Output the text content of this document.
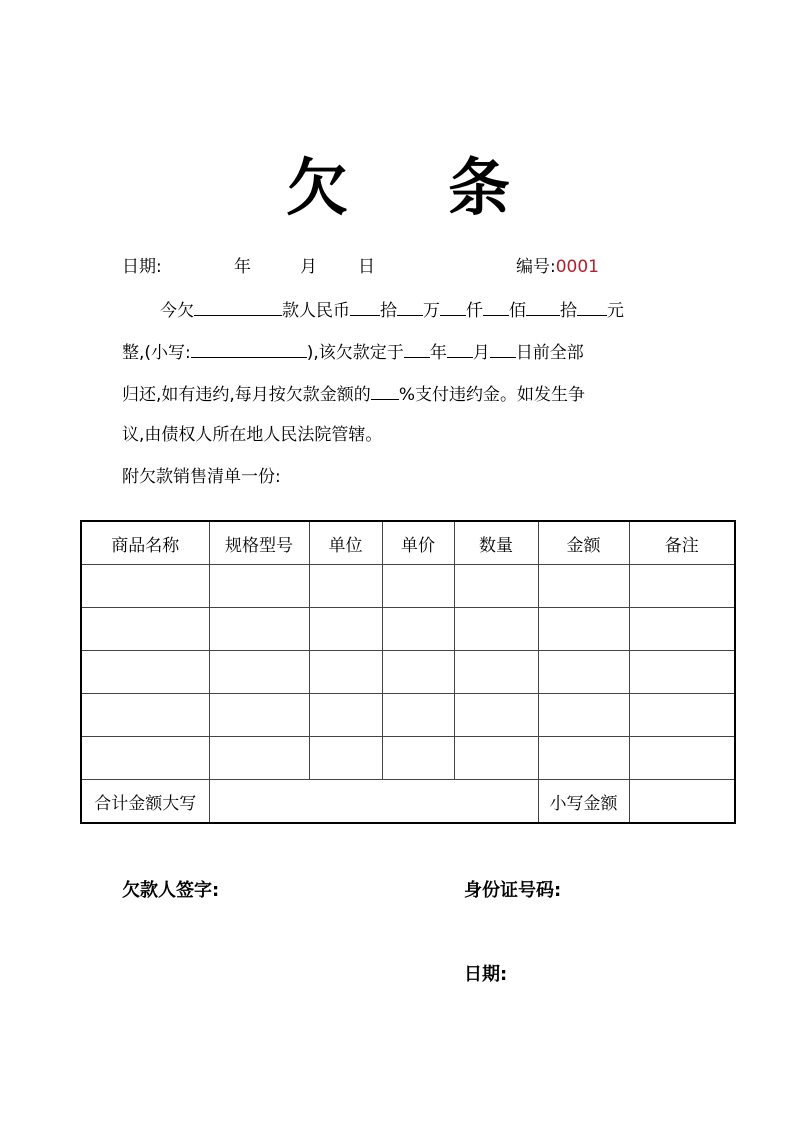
欠 条
日期:	年	月 日	编号:0001
今欠	款人民币 拾 万 仟 佰 拾 元
整,(小写:	),该欠款定于 年 月 日前全部
归还,如有违约,每月按欠款金额的 %支付违约金。如发生争
议,由债权人所在地人民法院管辖。
附欠款销售清单一份:
商品名称	规格型号	单位	单价	数量	金额	备注

合计金额大写					小写金额	
欠款人签字:	身份证号码:
日期:
